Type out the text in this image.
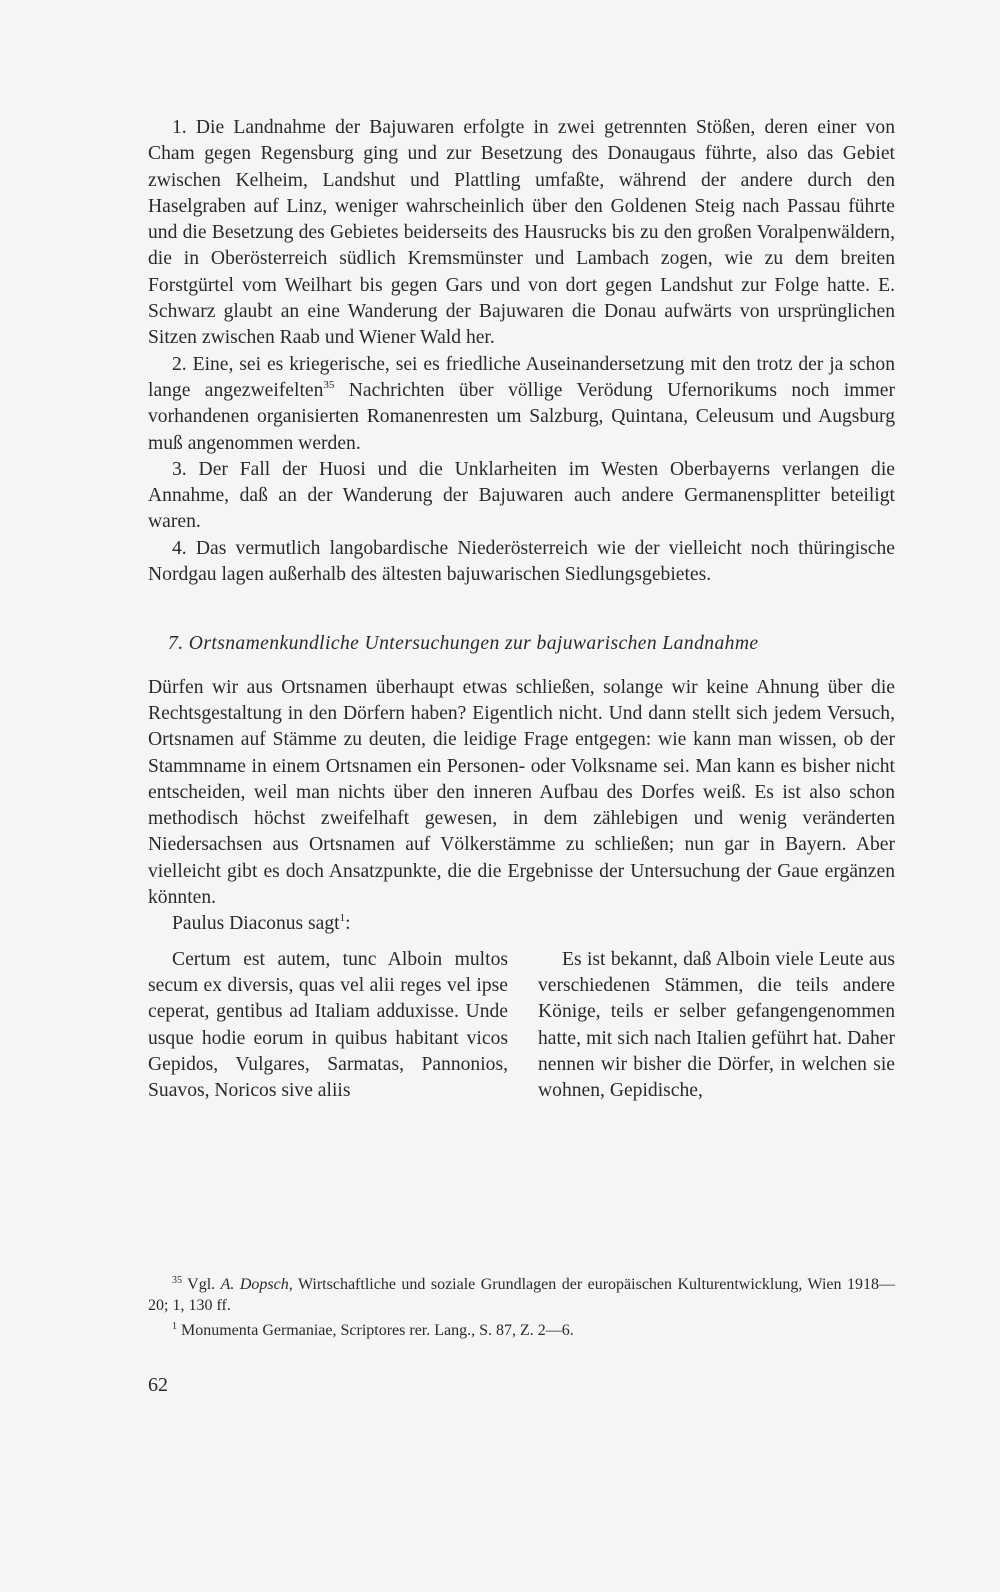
1. Die Landnahme der Bajuwaren erfolgte in zwei getrennten Stößen, deren einer von Cham gegen Regensburg ging und zur Besetzung des Donaugaus führte, also das Gebiet zwischen Kelheim, Landshut und Plattling umfaßte, während der andere durch den Haselgraben auf Linz, weniger wahrscheinlich über den Goldenen Steig nach Passau führte und die Besetzung des Gebietes beiderseits des Hausrucks bis zu den großen Voralpenwäldern, die in Oberösterreich südlich Kremsmünster und Lambach zogen, wie zu dem breiten Forstgürtel vom Weilhart bis gegen Gars und von dort gegen Landshut zur Folge hatte. E. Schwarz glaubt an eine Wanderung der Bajuwaren die Donau aufwärts von ursprünglichen Sitzen zwischen Raab und Wiener Wald her.

2. Eine, sei es kriegerische, sei es friedliche Auseinandersetzung mit den trotz der ja schon lange angezweifelten$^{35}$ Nachrichten über völlige Verödung Ufernorikums noch immer vorhandenen organisierten Romanenresten um Salzburg, Quintana, Celeusum und Augsburg muß angenommen werden.

3. Der Fall der Huosi und die Unklarheiten im Westen Oberbayerns verlangen die Annahme, daß an der Wanderung der Bajuwaren auch andere Germanensplitter beteiligt waren.

4. Das vermutlich langobardische Niederösterreich wie der vielleicht noch thüringische Nordgau lagen außerhalb des ältesten bajuwarischen Siedlungsgebietes.

7. Ortsnamenkundliche Untersuchungen zur bajuwarischen Landnahme

Dürfen wir aus Ortsnamen überhaupt etwas schließen, solange wir keine Ahnung über die Rechtsgestaltung in den Dörfern haben? Eigentlich nicht. Und dann stellt sich jedem Versuch, Ortsnamen auf Stämme zu deuten, die leidige Frage entgegen: wie kann man wissen, ob der Stammname in einem Ortsnamen ein Personen- oder Volksname sei. Man kann es bisher nicht entscheiden, weil man nichts über den inneren Aufbau des Dorfes weiß. Es ist also schon methodisch höchst zweifelhaft gewesen, in dem zählebigen und wenig veränderten Niedersachsen aus Ortsnamen auf Völkerstämme zu schließen; nun gar in Bayern. Aber vielleicht gibt es doch Ansatzpunkte, die die Ergebnisse der Untersuchung der Gaue ergänzen könnten.

Paulus Diaconus sagt$^1$:

Certum est autem, tunc Alboin multos secum ex diversis, quas vel alii reges vel ipse ceperat, gentibus ad Italiam adduxisse. Unde usque hodie eorum in quibus habitant vicos Gepidos, Vulgares, Sarmatas, Pannonios, Suavos, Noricos sive aliis
Es ist bekannt, daß Alboin viele Leute aus verschiedenen Stämmen, die teils andere Könige, teils er selber gefangengenommen hatte, mit sich nach Italien geführt hat. Daher nennen wir bisher die Dörfer, in welchen sie wohnen, Gepidische,

$^{35}$ Vgl. A. Dopsch, Wirtschaftliche und soziale Grundlagen der europäischen Kulturentwicklung, Wien 1918—20; 1, 130 ff.

$^1$ Monumenta Germaniae, Scriptores rer. Lang., S. 87, Z. 2—6.

62
